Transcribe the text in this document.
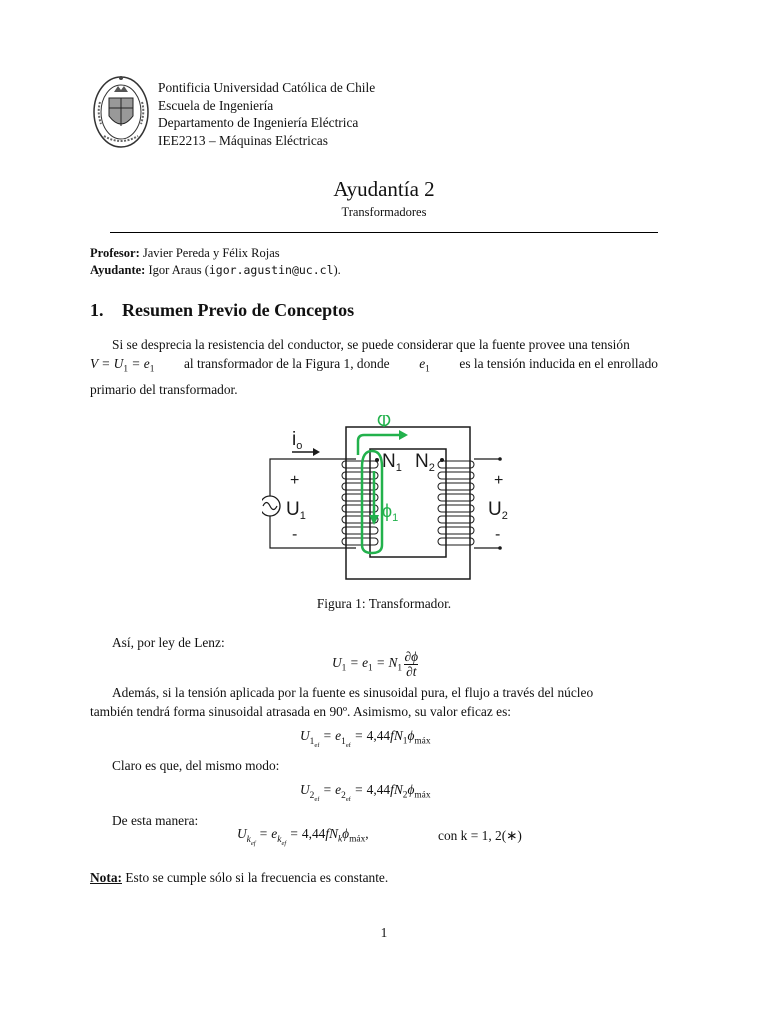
Pontificia Universidad Católica de Chile
Escuela de Ingeniería
Departamento de Ingeniería Eléctrica
IEE2213 – Máquinas Eléctricas
Ayudantía 2
Transformadores
Profesor: Javier Pereda y Félix Rojas
Ayudante: Igor Araus (igor.agustin@uc.cl).
1. Resumen Previo de Conceptos
Si se desprecia la resistencia del conductor, se puede considerar que la fuente provee una tensión
$V = U_1 = e_1$ al transformador de la Figura 1, donde $e_1$ es la tensión inducida en el enrollado
primario del transformador.
$i_o$
$N_1$ $N_2$
+
$U_1$
-
+
$U_2$
-
$\phi_1$
Figura 1: Transformador.
Así, por ley de Lenz:
$U_1 = e_1 = N_1$
∂ϕ
∂t
Además, si la tensión aplicada por la fuente es sinusoidal pura, el flujo a través del núcleo
también tendrá forma sinusoidal atrasada en 90º. Asimismo, su valor eficaz es:
$U_{1_{ef}} = e_{1_{ef}} = 4,44fN_1\phi_{máx}$
Claro es que, del mismo modo:
$U_{2_{ef}} = e_{2_{ef}} = 4,44fN_2\phi_{máx}$
De esta manera:
$U_{k_{ef}} = e_{k_{ef}} = 4,44fN_k\phi_{máx}$,	con k = 1, 2(∗)
Nota: Esto se cumple sólo si la frecuencia es constante.
1
